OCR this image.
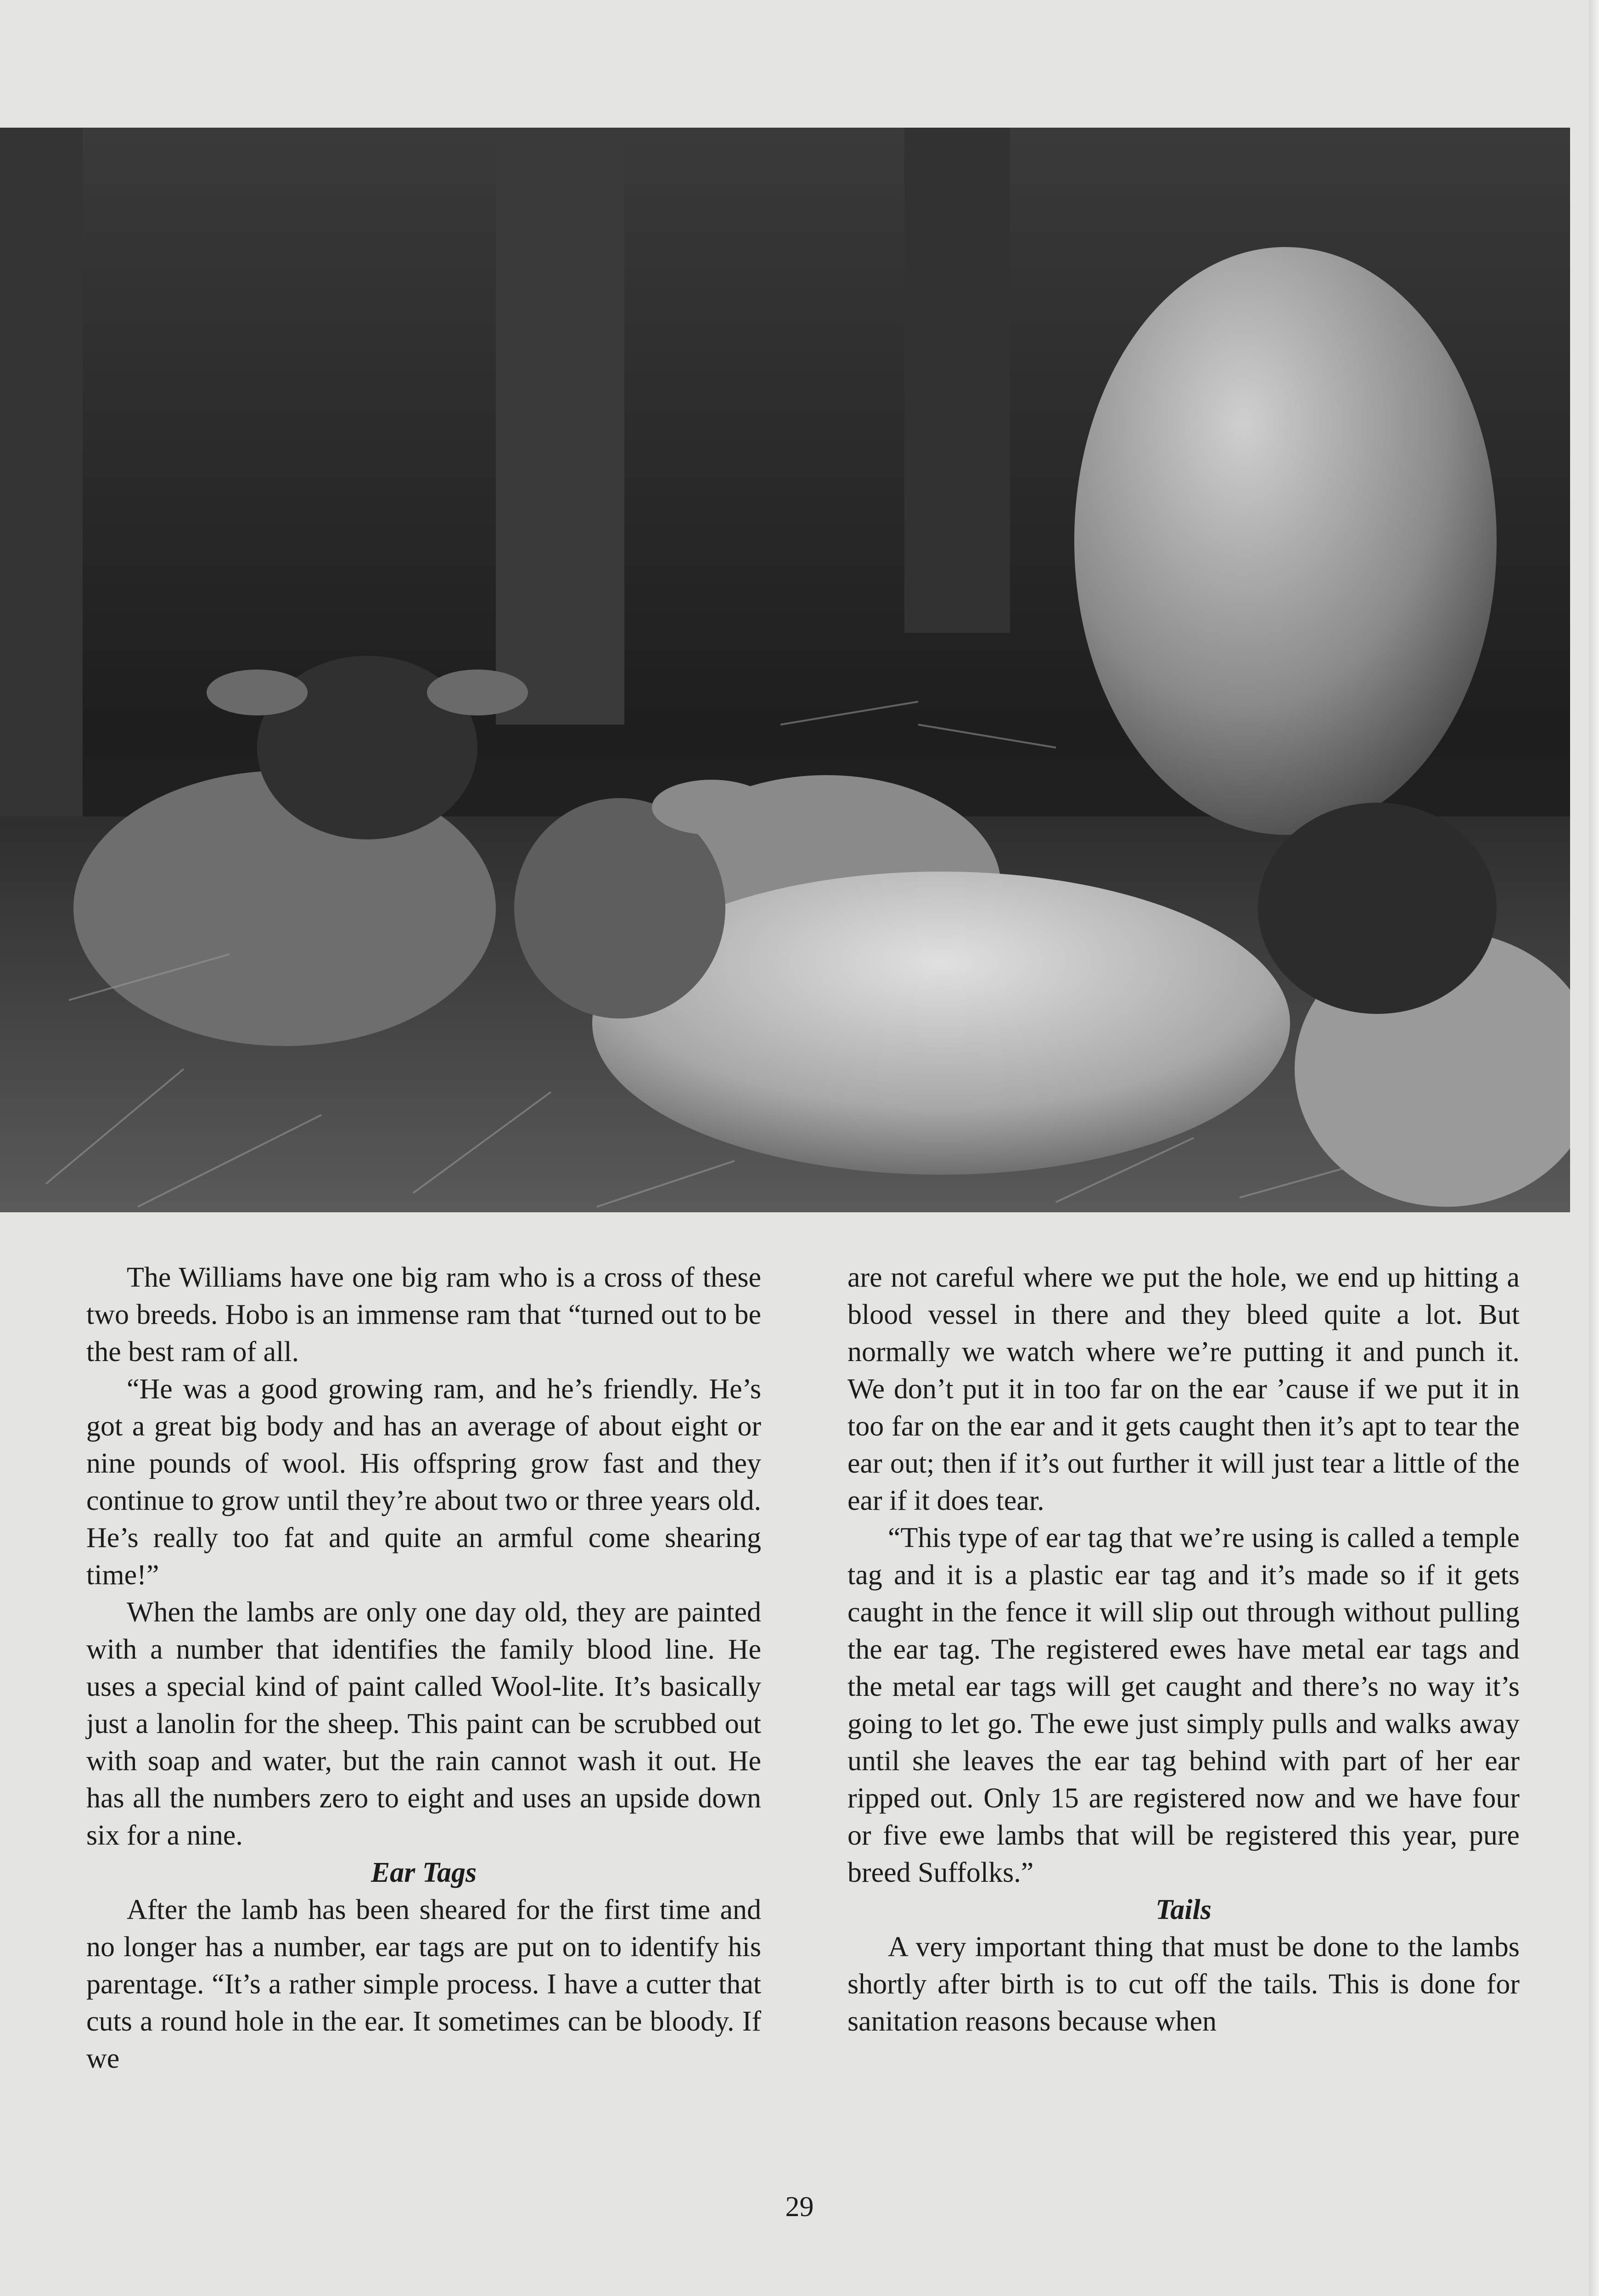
The Williams have one big ram who is a cross of these two breeds. Hobo is an immense ram that “turned out to be the best ram of all.

“He was a good growing ram, and he’s friendly. He’s got a great big body and has an average of about eight or nine pounds of wool. His offspring grow fast and they continue to grow until they’re about two or three years old. He’s really too fat and quite an armful come shearing time!”

When the lambs are only one day old, they are painted with a number that identifies the family blood line. He uses a special kind of paint called Wool-lite. It’s basically just a lanolin for the sheep. This paint can be scrubbed out with soap and water, but the rain cannot wash it out. He has all the numbers zero to eight and uses an upside down six for a nine.

Ear Tags

After the lamb has been sheared for the first time and no longer has a number, ear tags are put on to identify his parentage. “It’s a rather simple process. I have a cutter that cuts a round hole in the ear. It sometimes can be bloody. If we

are not careful where we put the hole, we end up hitting a blood vessel in there and they bleed quite a lot. But normally we watch where we’re putting it and punch it. We don’t put it in too far on the ear ’cause if we put it in too far on the ear and it gets caught then it’s apt to tear the ear out; then if it’s out further it will just tear a little of the ear if it does tear.

“This type of ear tag that we’re using is called a temple tag and it is a plastic ear tag and it’s made so if it gets caught in the fence it will slip out through without pulling the ear tag. The registered ewes have metal ear tags and the metal ear tags will get caught and there’s no way it’s going to let go. The ewe just simply pulls and walks away until she leaves the ear tag behind with part of her ear ripped out. Only 15 are registered now and we have four or five ewe lambs that will be registered this year, pure breed Suffolks.”

Tails

A very important thing that must be done to the lambs shortly after birth is to cut off the tails. This is done for sanitation reasons because when

29
